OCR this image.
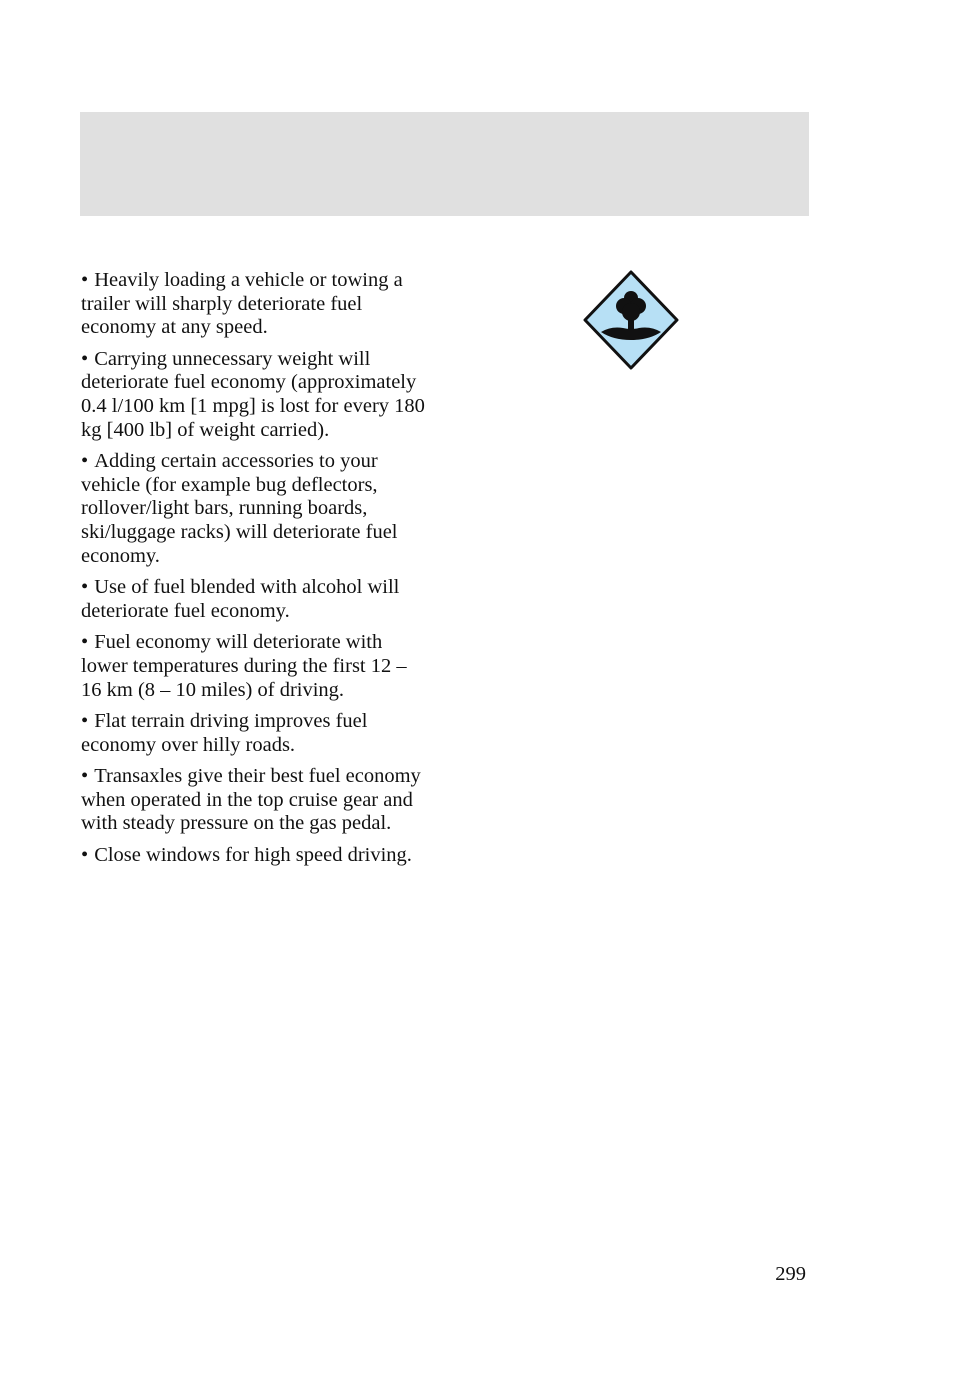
• Heavily loading a vehicle or towing a trailer will sharply deteriorate fuel economy at any speed.
• Carrying unnecessary weight will deteriorate fuel economy (approximately 0.4 l/100 km [1 mpg] is lost for every 180 kg [400 lb] of weight carried).
• Adding certain accessories to your vehicle (for example bug deflectors, rollover/light bars, running boards, ski/luggage racks) will deteriorate fuel economy.
• Use of fuel blended with alcohol will deteriorate fuel economy.
• Fuel economy will deteriorate with lower temperatures during the first 12 – 16 km (8 – 10 miles) of driving.
• Flat terrain driving improves fuel economy over hilly roads.
• Transaxles give their best fuel economy when operated in the top cruise gear and with steady pressure on the gas pedal.
• Close windows for high speed driving.
299
